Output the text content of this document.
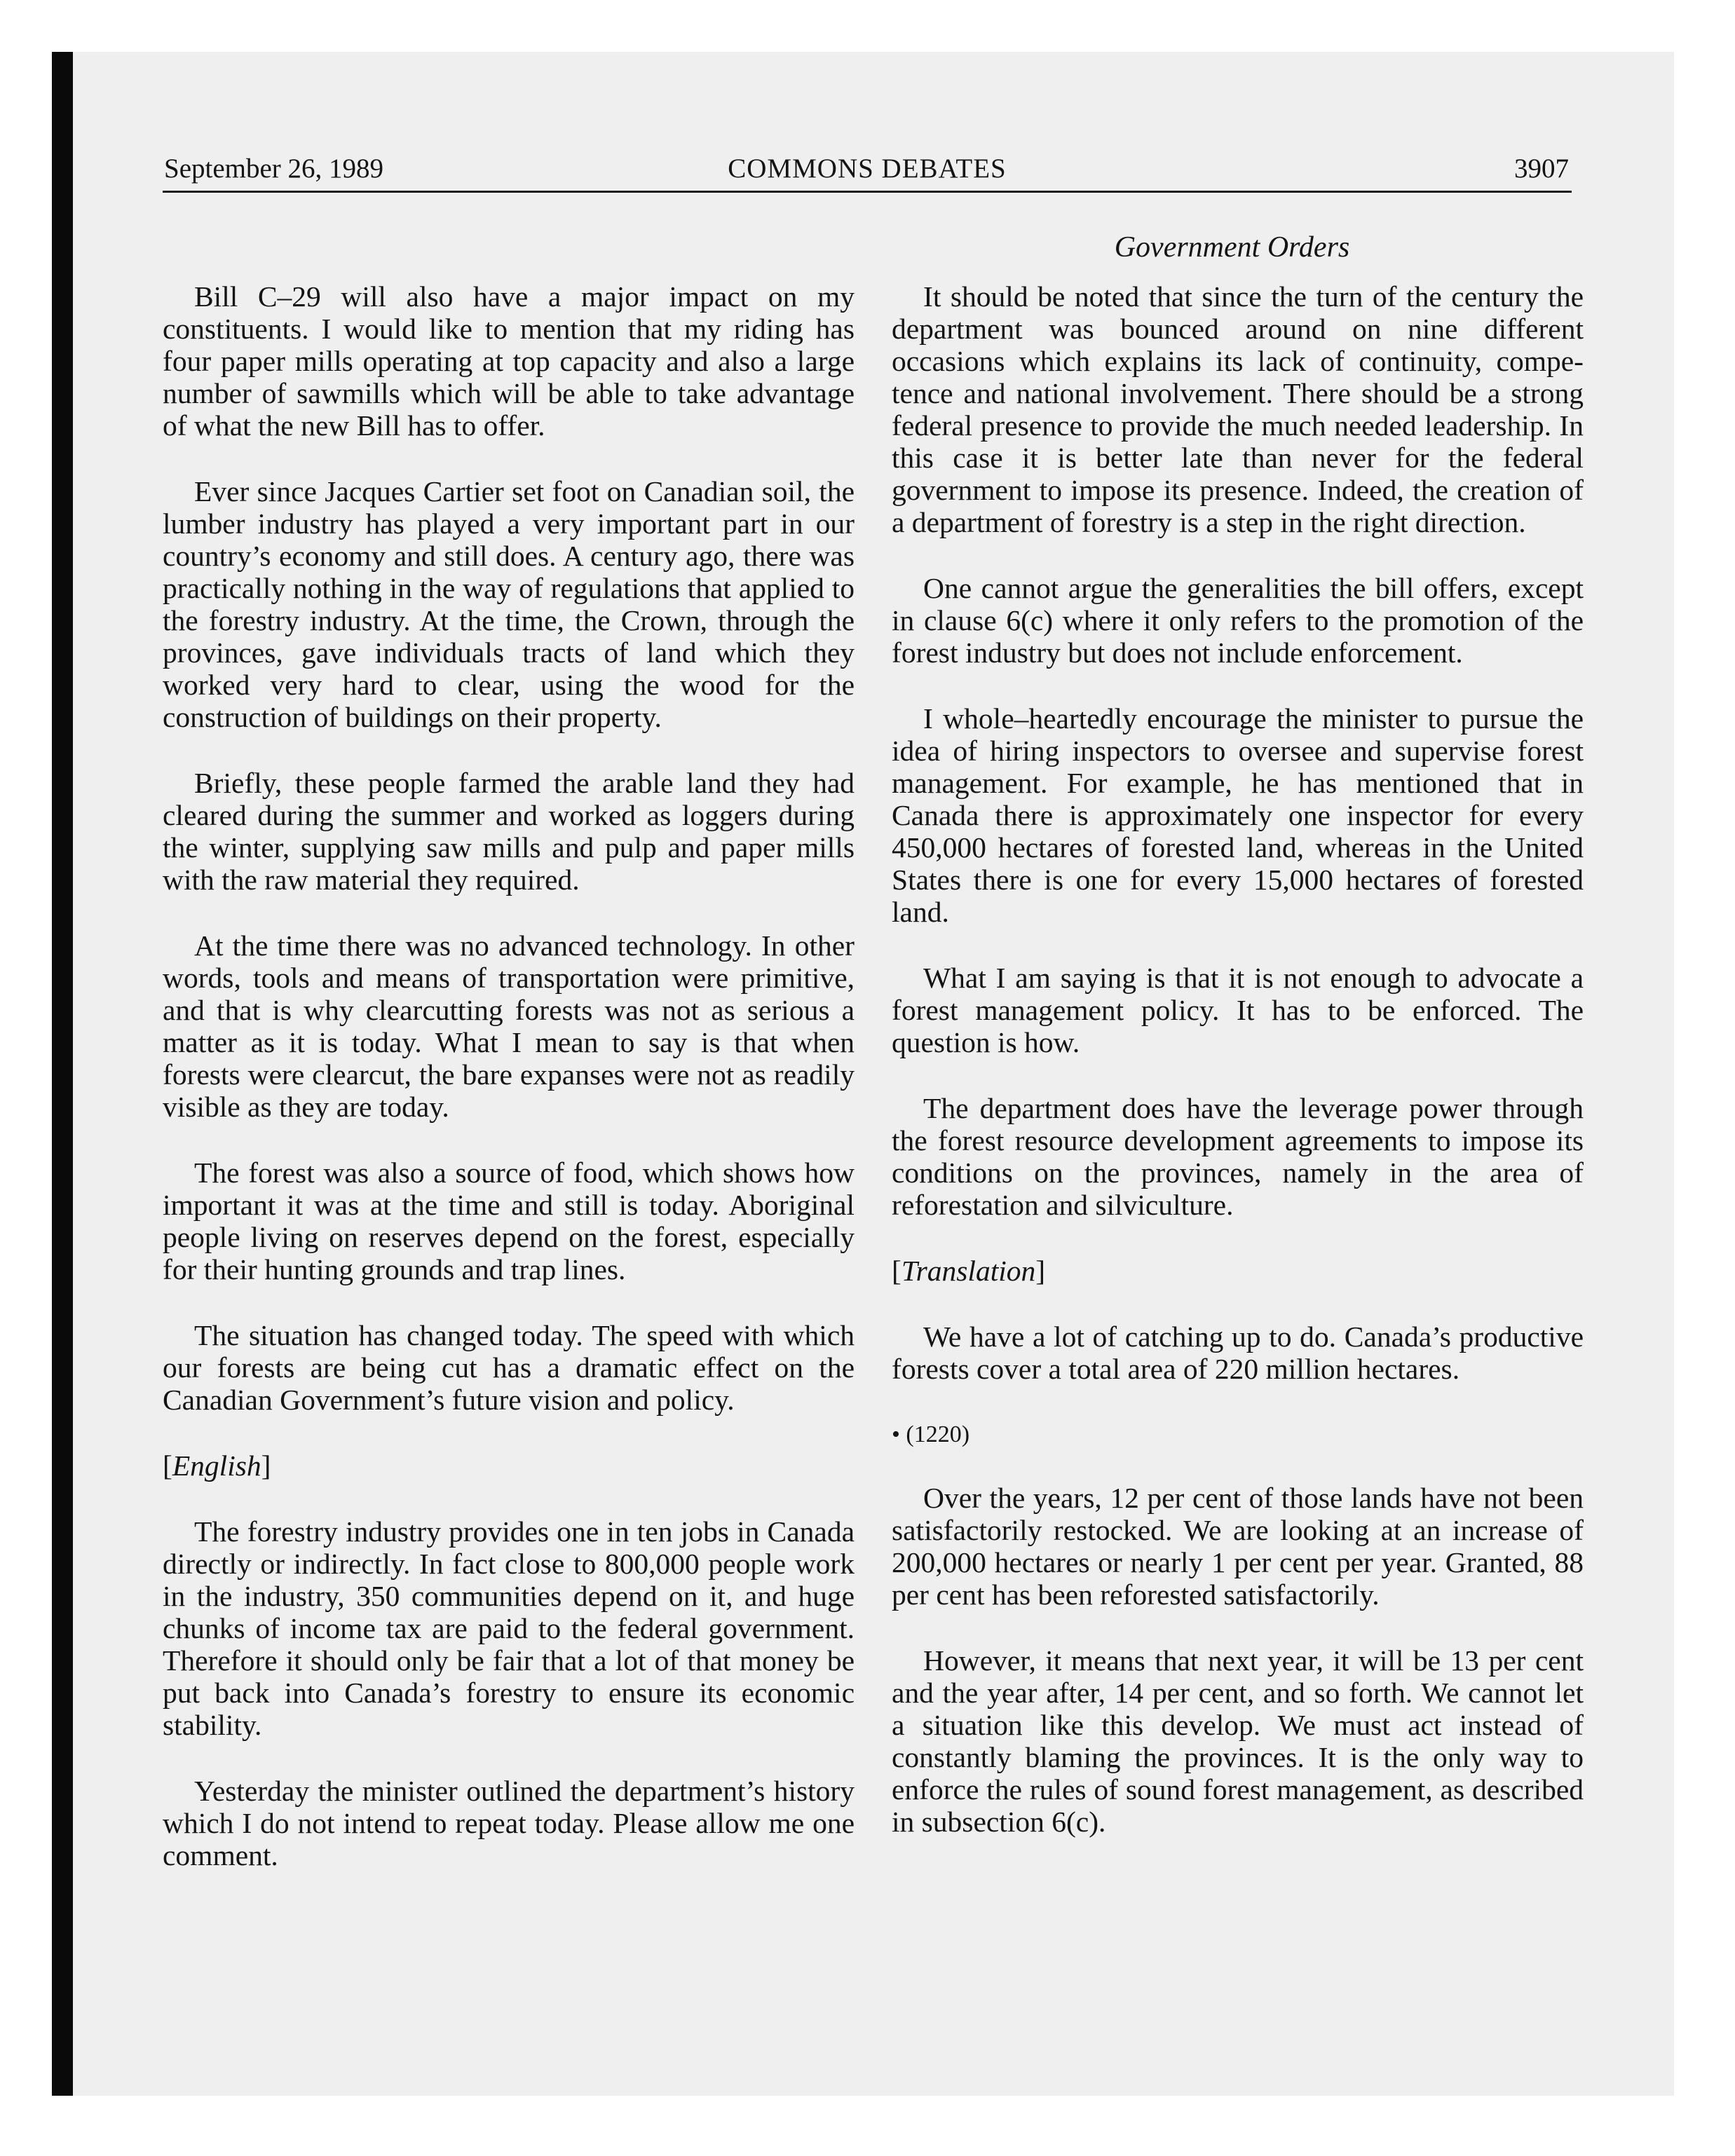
September 26, 1989	COMMONS DEBATES	3907
Government Orders

Bill C–29 will also have a major impact on my constituents. I would like to mention that my riding has four paper mills operating at top capacity and also a large number of sawmills which will be able to take advantage of what the new Bill has to offer.

Ever since Jacques Cartier set foot on Canadian soil, the lumber industry has played a very important part in our country’s economy and still does. A century ago, there was practically nothing in the way of regulations that applied to the forestry industry. At the time, the Crown, through the provinces, gave individuals tracts of land which they worked very hard to clear, using the wood for the construction of buildings on their property.

Briefly, these people farmed the arable land they had cleared during the summer and worked as loggers during the winter, supplying saw mills and pulp and paper mills with the raw material they required.

At the time there was no advanced technology. In other words, tools and means of transportation were primitive, and that is why clearcutting forests was not as serious a matter as it is today. What I mean to say is that when forests were clearcut, the bare expanses were not as readily visible as they are today.

The forest was also a source of food, which shows how important it was at the time and still is today. Aboriginal people living on reserves depend on the forest, especially for their hunting grounds and trap lines.

The situation has changed today. The speed with which our forests are being cut has a dramatic effect on the Canadian Government’s future vision and policy.

[English]

The forestry industry provides one in ten jobs in Canada directly or indirectly. In fact close to 800,000 people work in the industry, 350 communities depend on it, and huge chunks of income tax are paid to the federal government. Therefore it should only be fair that a lot of that money be put back into Canada’s forestry to ensure its economic stability.

Yesterday the minister outlined the department’s history which I do not intend to repeat today. Please allow me one comment.

It should be noted that since the turn of the century the department was bounced around on nine different occasions which explains its lack of continuity, competence and national involvement. There should be a strong federal presence to provide the much needed leadership. In this case it is better late than never for the federal government to impose its presence. Indeed, the creation of a department of forestry is a step in the right direction.

One cannot argue the generalities the bill offers, except in clause 6(c) where it only refers to the promotion of the forest industry but does not include enforcement.

I whole–heartedly encourage the minister to pursue the idea of hiring inspectors to oversee and supervise forest management. For example, he has mentioned that in Canada there is approximately one inspector for every 450,000 hectares of forested land, whereas in the United States there is one for every 15,000 hectares of forested land.

What I am saying is that it is not enough to advocate a forest management policy. It has to be enforced. The question is how.

The department does have the leverage power through the forest resource development agreements to impose its conditions on the provinces, namely in the area of reforestation and silviculture.

[Translation]

We have a lot of catching up to do. Canada’s productive forests cover a total area of 220 million hectares.

• (1220)

Over the years, 12 per cent of those lands have not been satisfactorily restocked. We are looking at an increase of 200,000 hectares or nearly 1 per cent per year. Granted, 88 per cent has been reforested satisfactorily.

However, it means that next year, it will be 13 per cent and the year after, 14 per cent, and so forth. We cannot let a situation like this develop. We must act instead of constantly blaming the provinces. It is the only way to enforce the rules of sound forest management, as described in subsection 6(c).
